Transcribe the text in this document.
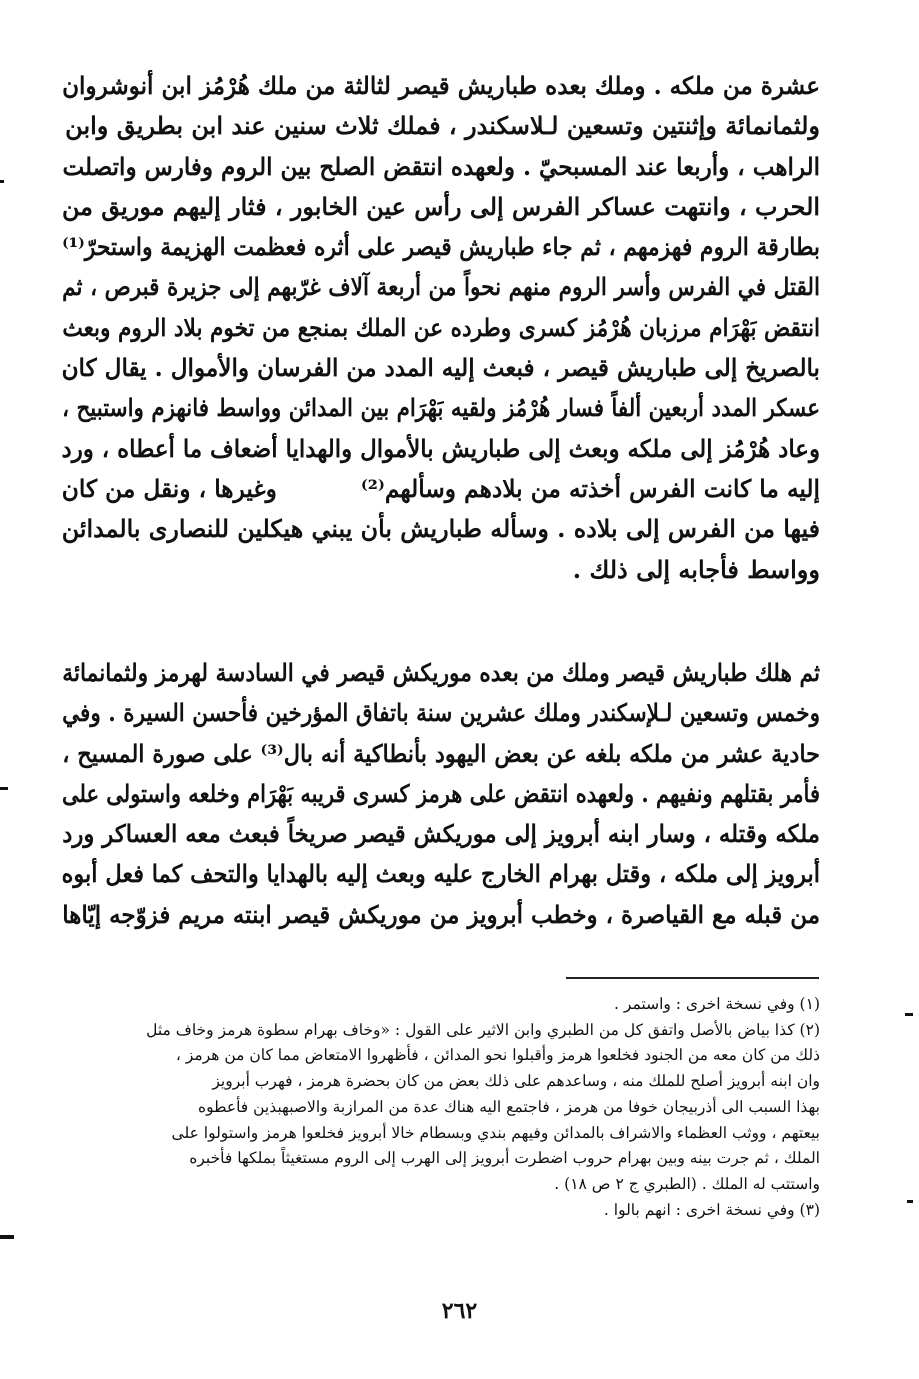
عشرة من ملكه . وملك بعده طباريش قيصر لثالثة من ملك هُرْمُز ابن أنوشروان
ولثمانمائة وإثنتين وتسعين لـلاسكندر ، فملك ثلاث سنين عند ابن بطريق وابن
الراهب ، وأربعا عند المسبحيّ . ولعهده انتقض الصلح بين الروم وفارس واتصلت
الحرب ، وانتهت عساكر الفرس إلى رأس عين الخابور ، فثار إليهم موريق من
بطارقة الروم فهزمهم ، ثم جاء طباريش قيصر على أثره فعظمت الهزيمة واستحرّ⁽¹⁾
القتل في الفرس وأسر الروم منهم نحواً من أربعة آلاف غرّبهم إلى جزيرة قبرص ، ثم
انتقض بَهْرَام مرزبان هُرْمُز كسرى وطرده عن الملك بمنجع من تخوم بلاد الروم وبعث
بالصريخ إلى طباريش قيصر ، فبعث إليه المدد من الفرسان والأموال . يقال كان
عسكر المدد أربعين ألفاً فسار هُرْمُز ولقيه بَهْرَام بين المدائن وواسط فانهزم واستبيح ،
وعاد هُرْمُز إلى ملكه وبعث إلى طباريش بالأموال والهدايا أضعاف ما أعطاه ، ورد
إليه ما كانت الفرس أخذته من بلادهم وسألهم⁽²⁾  وغيرها ، ونقل من كان
فيها من الفرس إلى بلاده . وسأله طباريش بأن يبني هيكلين للنصارى بالمدائن
وواسط فأجابه إلى ذلك .
ثم هلك طباريش قيصر وملك من بعده موريكش قيصر في السادسة لهرمز ولثمانمائة
وخمس وتسعين لـلإسكندر وملك عشرين سنة باتفاق المؤرخين فأحسن السيرة . وفي
حادية عشر من ملكه بلغه عن بعض اليهود بأنطاكية أنه بال⁽³⁾ على صورة المسيح ،
فأمر بقتلهم ونفيهم . ولعهده انتقض على هرمز كسرى قريبه بَهْرَام وخلعه واستولى على
ملكه وقتله ، وسار ابنه أبرويز إلى موريكش قيصر صريخاً فبعث معه العساكر ورد
أبرويز إلى ملكه ، وقتل بهرام الخارج عليه وبعث إليه بالهدايا والتحف كما فعل أبوه
من قبله مع القياصرة ، وخطب أبرويز من موريكش قيصر ابنته مريم فزوّجه إيّاها
(١) وفي نسخة اخرى : واستمر .
(٢) كذا بياض بالأصل واتفق كل من الطبري وابن الاثير على القول : «وخاف بهرام سطوة هرمز وخاف مثل
ذلك من كان معه من الجنود فخلعوا هرمز وأقبلوا نحو المدائن ، فأظهروا الامتعاض مما كان من هرمز ،
وان ابنه أبرويز أصلح للملك منه ، وساعدهم على ذلك بعض من كان بحضرة هرمز ، فهرب أبرويز
بهذا السبب الى أذربيجان خوفا من هرمز ، فاجتمع اليه هناك عدة من المرازبة والاصبهبذين فأعطوه
بيعتهم ، ووثب العظماء والاشراف بالمدائن وفيهم بندي وبسطام خالا أبرويز فخلعوا هرمز واستولوا على
الملك ، ثم جرت بينه وبين بهرام حروب اضطرت أبرويز إلى الهرب إلى الروم مستغيثاً بملكها فأخبره
واستتب له الملك . (الطبري ج ٢ ص ١٨) .
(٣) وفي نسخة اخرى : انهم بالوا .
٢٦٢
